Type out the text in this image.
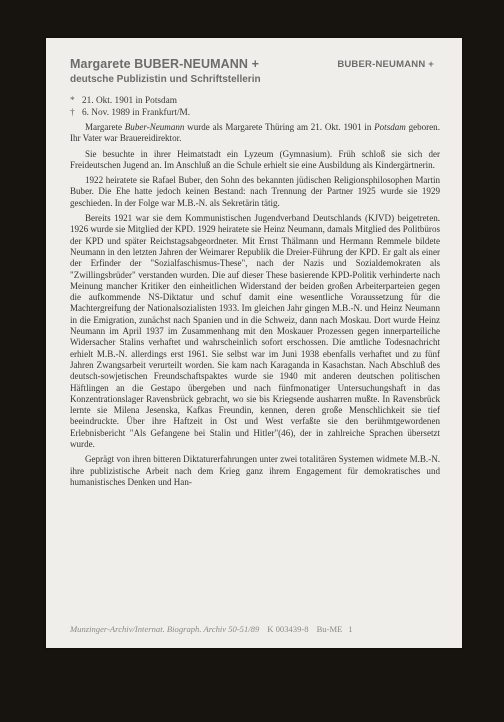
Margarete BUBER-NEUMANN +	BUBER-NEUMANN +
deutsche Publizistin und Schriftstellerin
* 21. Okt. 1901 in Potsdam
† 6. Nov. 1989 in Frankfurt/M.

Margarete Buber-Neumann wurde als Margarete Thüring am 21. Okt. 1901 in Potsdam geboren. Ihr Vater war Brauereidirektor.

Sie besuchte in ihrer Heimatstadt ein Lyzeum (Gymnasium). Früh schloß sie sich der Freideutschen Jugend an. Im Anschluß an die Schule erhielt sie eine Ausbildung als Kindergärtnerin.

1922 heiratete sie Rafael Buber, den Sohn des bekannten jüdischen Religionsphilosophen Martin Buber. Die Ehe hatte jedoch keinen Bestand: nach Trennung der Partner 1925 wurde sie 1929 geschieden. In der Folge war M.B.-N. als Sekretärin tätig.

Bereits 1921 war sie dem Kommunistischen Jugendverband Deutschlands (KJVD) beigetreten. 1926 wurde sie Mitglied der KPD. 1929 heiratete sie Heinz Neumann, damals Mitglied des Politbüros der KPD und später Reichstagsabgeordneter. Mit Ernst Thälmann und Hermann Remmele bildete Neumann in den letzten Jahren der Weimarer Republik die Dreier-Führung der KPD. Er galt als einer der Erfinder der "Sozialfaschismus-These", nach der Nazis und Sozialdemokraten als "Zwillingsbrüder" verstanden wurden. Die auf dieser These basierende KPD-Politik verhinderte nach Meinung mancher Kritiker den einheitlichen Widerstand der beiden großen Arbeiterparteien gegen die aufkommende NS-Diktatur und schuf damit eine wesentliche Voraussetzung für die Machtergreifung der Nationalsozialisten 1933. Im gleichen Jahr gingen M.B.-N. und Heinz Neumann in die Emigration, zunächst nach Spanien und in die Schweiz, dann nach Moskau. Dort wurde Heinz Neumann im April 1937 im Zusammenhang mit den Moskauer Prozessen gegen innerparteiliche Widersacher Stalins verhaftet und wahrscheinlich sofort erschossen. Die amtliche Todesnachricht erhielt M.B.-N. allerdings erst 1961. Sie selbst war im Juni 1938 ebenfalls verhaftet und zu fünf Jahren Zwangsarbeit verurteilt worden. Sie kam nach Karaganda in Kasachstan. Nach Abschluß des deutsch-sowjetischen Freundschaftspaktes wurde sie 1940 mit anderen deutschen politischen Häftlingen an die Gestapo übergeben und nach fünfmonatiger Untersuchungshaft in das Konzentrationslager Ravensbrück gebracht, wo sie bis Kriegsende ausharren mußte. In Ravensbrück lernte sie Milena Jesenska, Kafkas Freundin, kennen, deren große Menschlichkeit sie tief beeindruckte. Über ihre Haftzeit in Ost und West verfaßte sie den berühmtgewordenen Erlebnisbericht "Als Gefangene bei Stalin und Hitler"(46), der in zahlreiche Sprachen übersetzt wurde.

Geprägt von ihren bitteren Diktaturerfahrungen unter zwei totalitären Systemen widmete M.B.-N. ihre publizistische Arbeit nach dem Krieg ganz ihrem Engagement für demokratisches und humanistisches Denken und Han-

Munzinger-Archiv/Internat. Biograph. Archiv 50-51/89 K 003439-8 Bu-ME 1
